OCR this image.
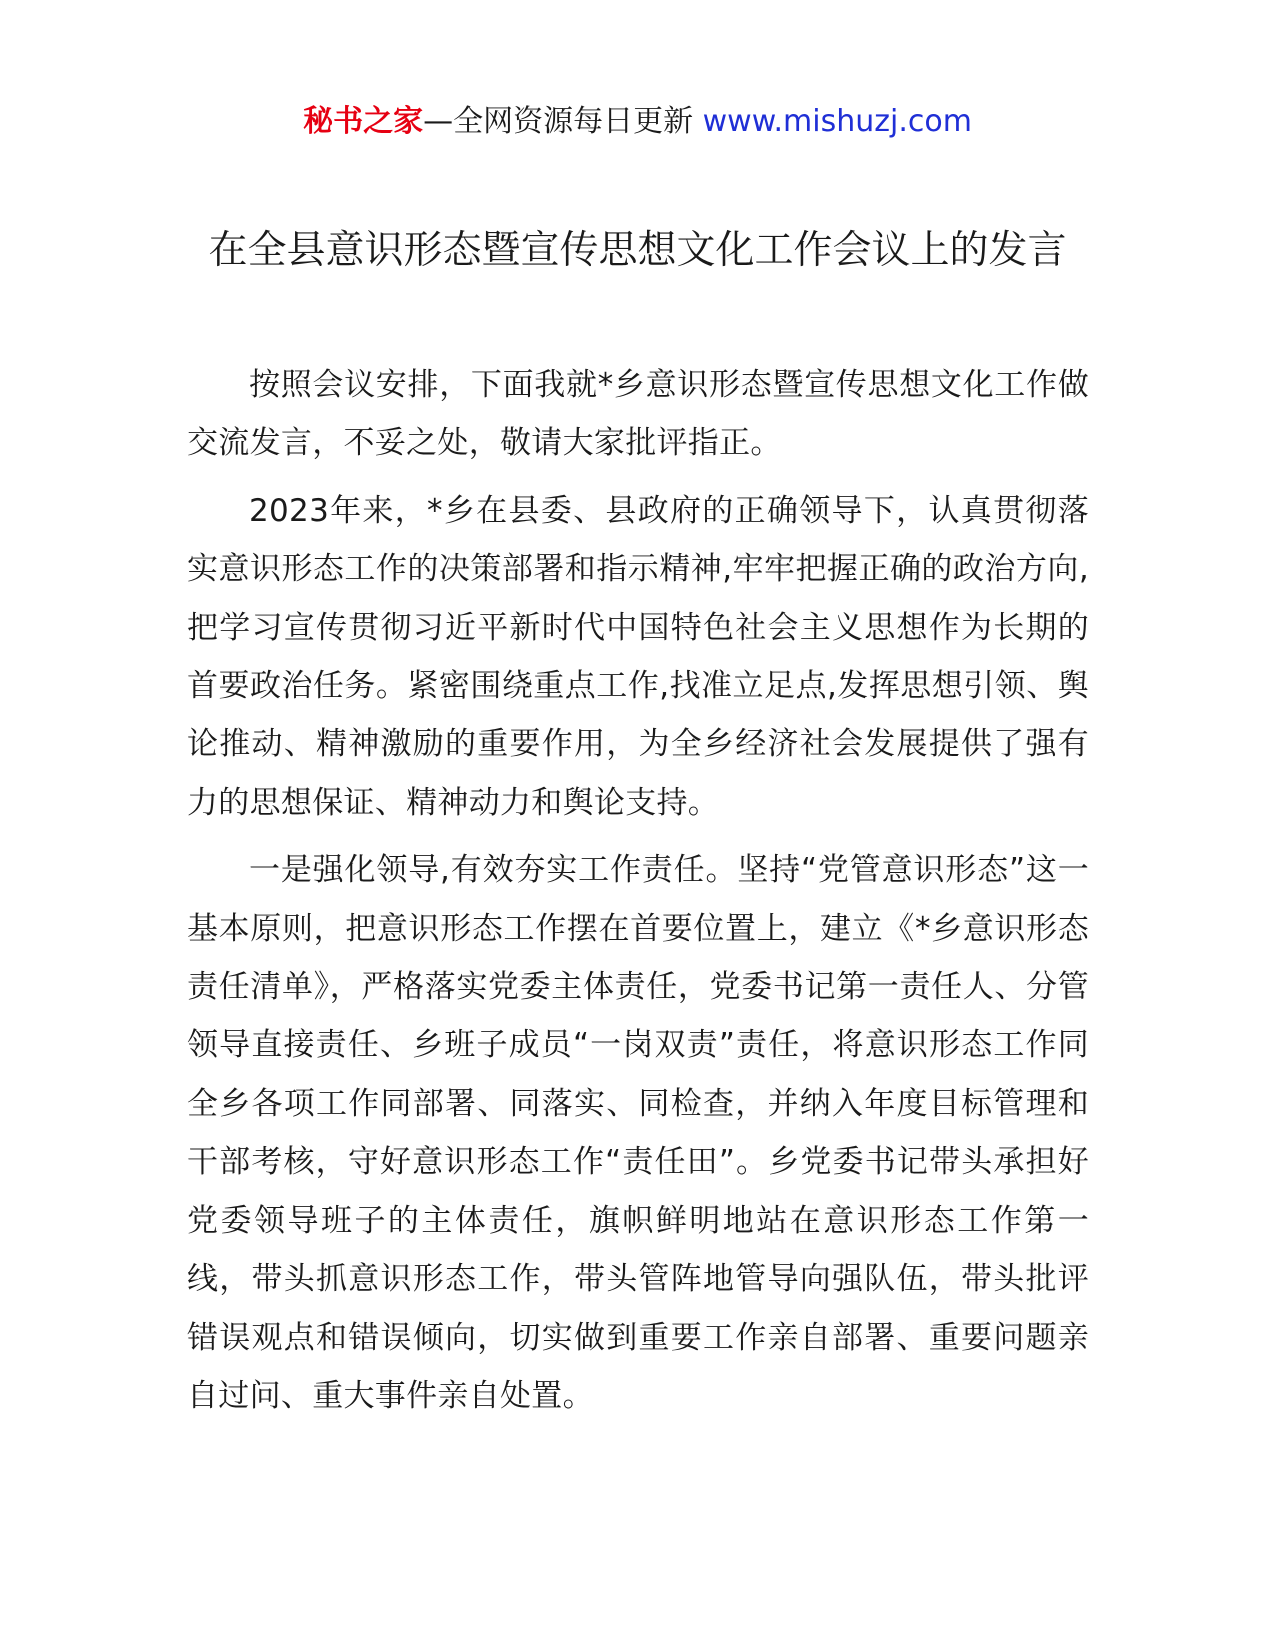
秘书之家—全网资源每日更新 www.mishuzj.com
在全县意识形态暨宣传思想文化工作会议上的发言

按照会议安排，下面我就*乡意识形态暨宣传思想文化工作做交流发言，不妥之处，敬请大家批评指正。

2023年来，*乡在县委、县政府的正确领导下，认真贯彻落实意识形态工作的决策部署和指示精神,牢牢把握正确的政治方向,把学习宣传贯彻习近平新时代中国特色社会主义思想作为长期的首要政治任务。紧密围绕重点工作,找准立足点,发挥思想引领、舆论推动、精神激励的重要作用，为全乡经济社会发展提供了强有力的思想保证、精神动力和舆论支持。

一是强化领导,有效夯实工作责任。坚持“党管意识形态”这一基本原则，把意识形态工作摆在首要位置上，建立《*乡意识形态责任清单》，严格落实党委主体责任，党委书记第一责任人、分管领导直接责任、乡班子成员“一岗双责”责任，将意识形态工作同全乡各项工作同部署、同落实、同检查，并纳入年度目标管理和干部考核，守好意识形态工作“责任田”。乡党委书记带头承担好党委领导班子的主体责任，旗帜鲜明地站在意识形态工作第一线，带头抓意识形态工作，带头管阵地管导向强队伍，带头批评错误观点和错误倾向，切实做到重要工作亲自部署、重要问题亲自过问、重大事件亲自处置。
